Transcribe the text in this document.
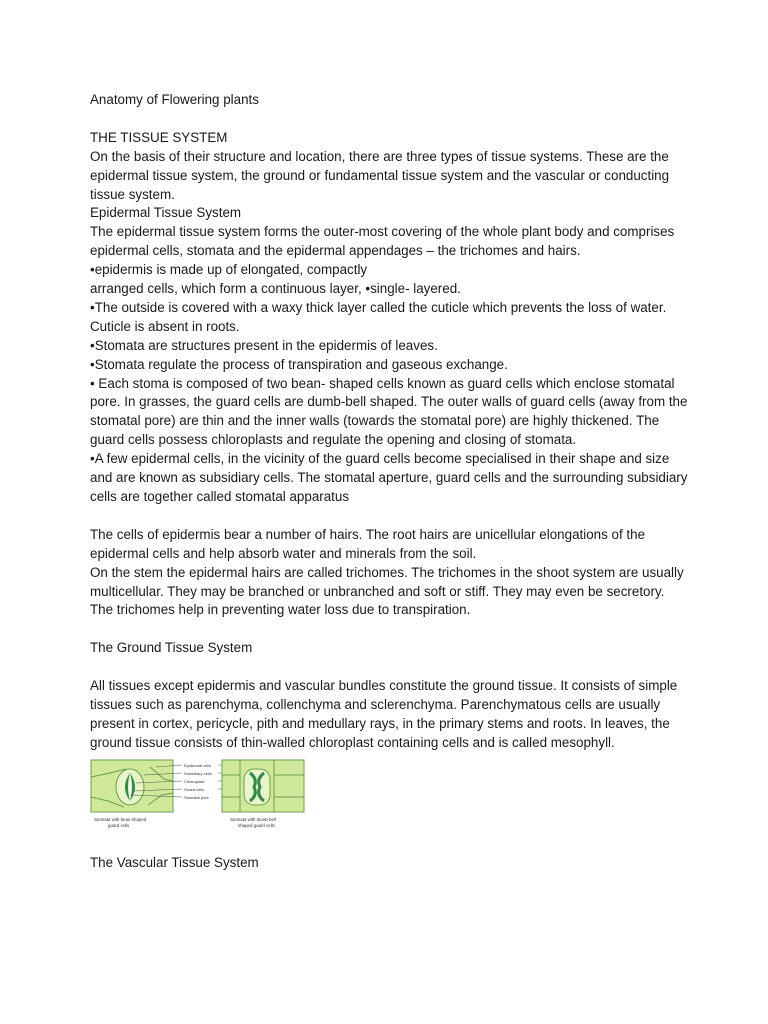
Anatomy of Flowering plants

THE TISSUE SYSTEM

On the basis of their structure and location, there are three types of tissue systems. These are the epidermal tissue system, the ground or fundamental tissue system and the vascular or conducting tissue system.

Epidermal Tissue System

The epidermal tissue system forms the outer-most covering of the whole plant body and comprises epidermal cells, stomata and the epidermal appendages – the trichomes and hairs.

•epidermis is made up of elongated, compactly

arranged cells, which form a continuous layer, •single- layered.

•The outside is covered with a waxy thick layer called the cuticle which prevents the loss of water. Cuticle is absent in roots.

•Stomata are structures present in the epidermis of leaves.

•Stomata regulate the process of transpiration and gaseous exchange.

• Each stoma is composed of two bean- shaped cells known as guard cells which enclose stomatal pore. In grasses, the guard cells are dumb-bell shaped. The outer walls of guard cells (away from the stomatal pore) are thin and the inner walls (towards the stomatal pore) are highly thickened. The guard cells possess chloroplasts and regulate the opening and closing of stomata.

•A few epidermal cells, in the vicinity of the guard cells become specialised in their shape and size and are known as subsidiary cells. The stomatal aperture, guard cells and the surrounding subsidiary cells are together called stomatal apparatus

The cells of epidermis bear a number of hairs. The root hairs are unicellular elongations of the epidermal cells and help absorb water and minerals from the soil.

On the stem the epidermal hairs are called trichomes. The trichomes in the shoot system are usually multicellular. They may be branched or unbranched and soft or stiff. They may even be secretory. The trichomes help in preventing water loss due to transpiration.

The Ground Tissue System

All tissues except epidermis and vascular bundles constitute the ground tissue. It consists of simple tissues such as parenchyma, collenchyma and sclerenchyma. Parenchymatous cells are usually present in cortex, pericycle, pith and medullary rays, in the primary stems and roots. In leaves, the ground tissue consists of thin-walled chloroplast containing cells and is called mesophyll.

Epidermal cells
Subsidiary cells
Chloroplast
Guard cells
Stomatal pore
Stomata with bean-shaped
guard cells
Stomata with dumb-bell
shaped guard cells

The Vascular Tissue System
